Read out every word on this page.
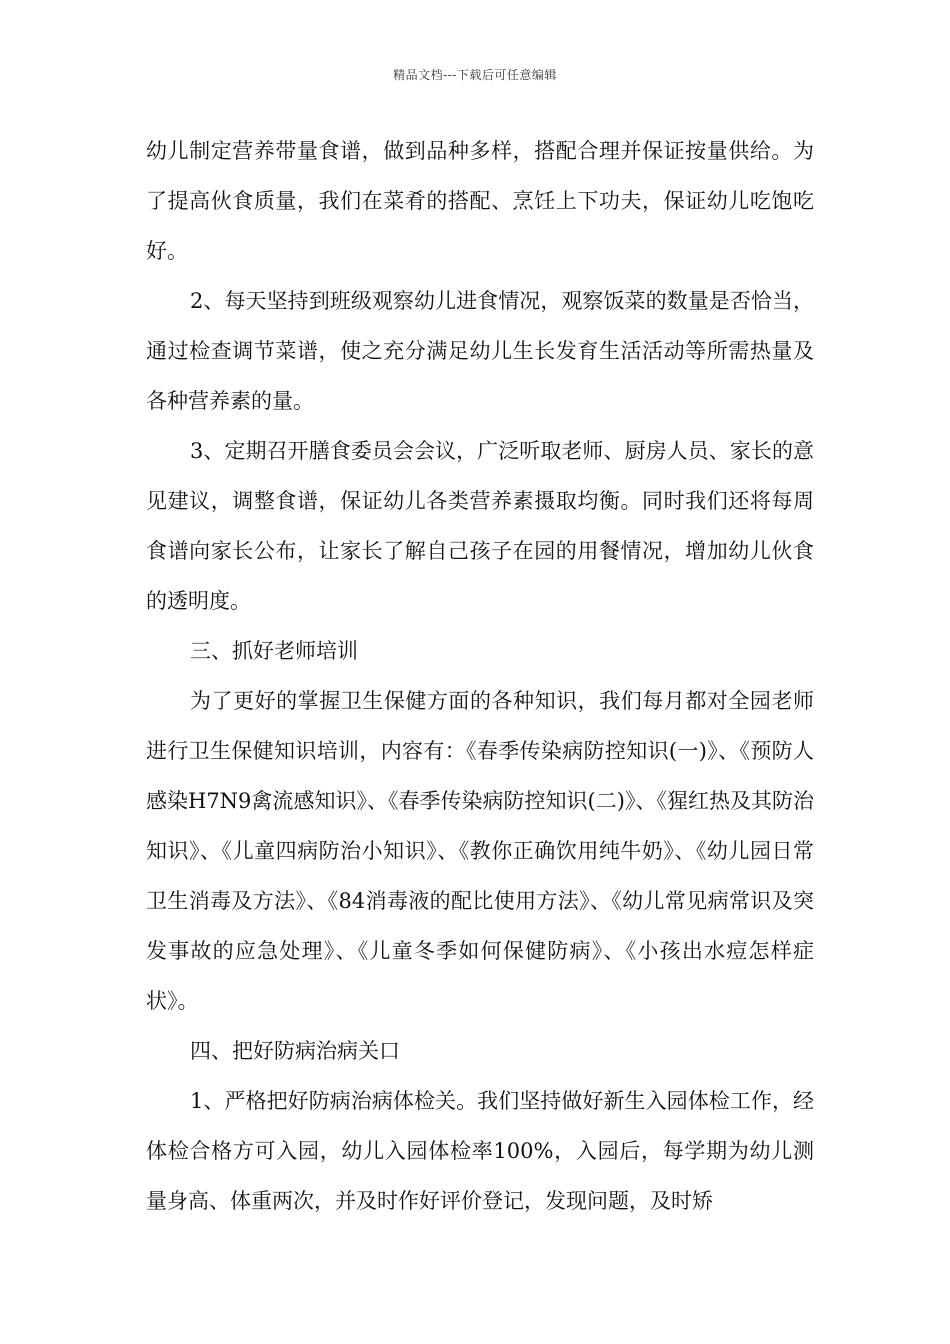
精品文档---下载后可任意编辑

幼儿制定营养带量食谱，做到品种多样，搭配合理并保证按量供给。为了提高伙食质量，我们在菜肴的搭配、烹饪上下功夫，保证幼儿吃饱吃好。

2、每天坚持到班级观察幼儿进食情况，观察饭菜的数量是否恰当，通过检查调节菜谱，使之充分满足幼儿生长发育生活活动等所需热量及各种营养素的量。

3、定期召开膳食委员会会议，广泛听取老师、厨房人员、家长的意见建议，调整食谱，保证幼儿各类营养素摄取均衡。同时我们还将每周食谱向家长公布，让家长了解自己孩子在园的用餐情况，增加幼儿伙食的透明度。

三、抓好老师培训

为了更好的掌握卫生保健方面的各种知识，我们每月都对全园老师进行卫生保健知识培训，内容有：《春季传染病防控知识(一)》、《预防人感染H7N9禽流感知识》、《春季传染病防控知识(二)》、《猩红热及其防治知识》、《儿童四病防治小知识》、《教你正确饮用纯牛奶》、《幼儿园日常卫生消毒及方法》、《84消毒液的配比使用方法》、《幼儿常见病常识及突发事故的应急处理》、《儿童冬季如何保健防病》、《小孩出水痘怎样症状》。

四、把好防病治病关口

1、严格把好防病治病体检关。我们坚持做好新生入园体检工作，经体检合格方可入园，幼儿入园体检率100%，入园后，每学期为幼儿测量身高、体重两次，并及时作好评价登记，发现问题，及时矫
